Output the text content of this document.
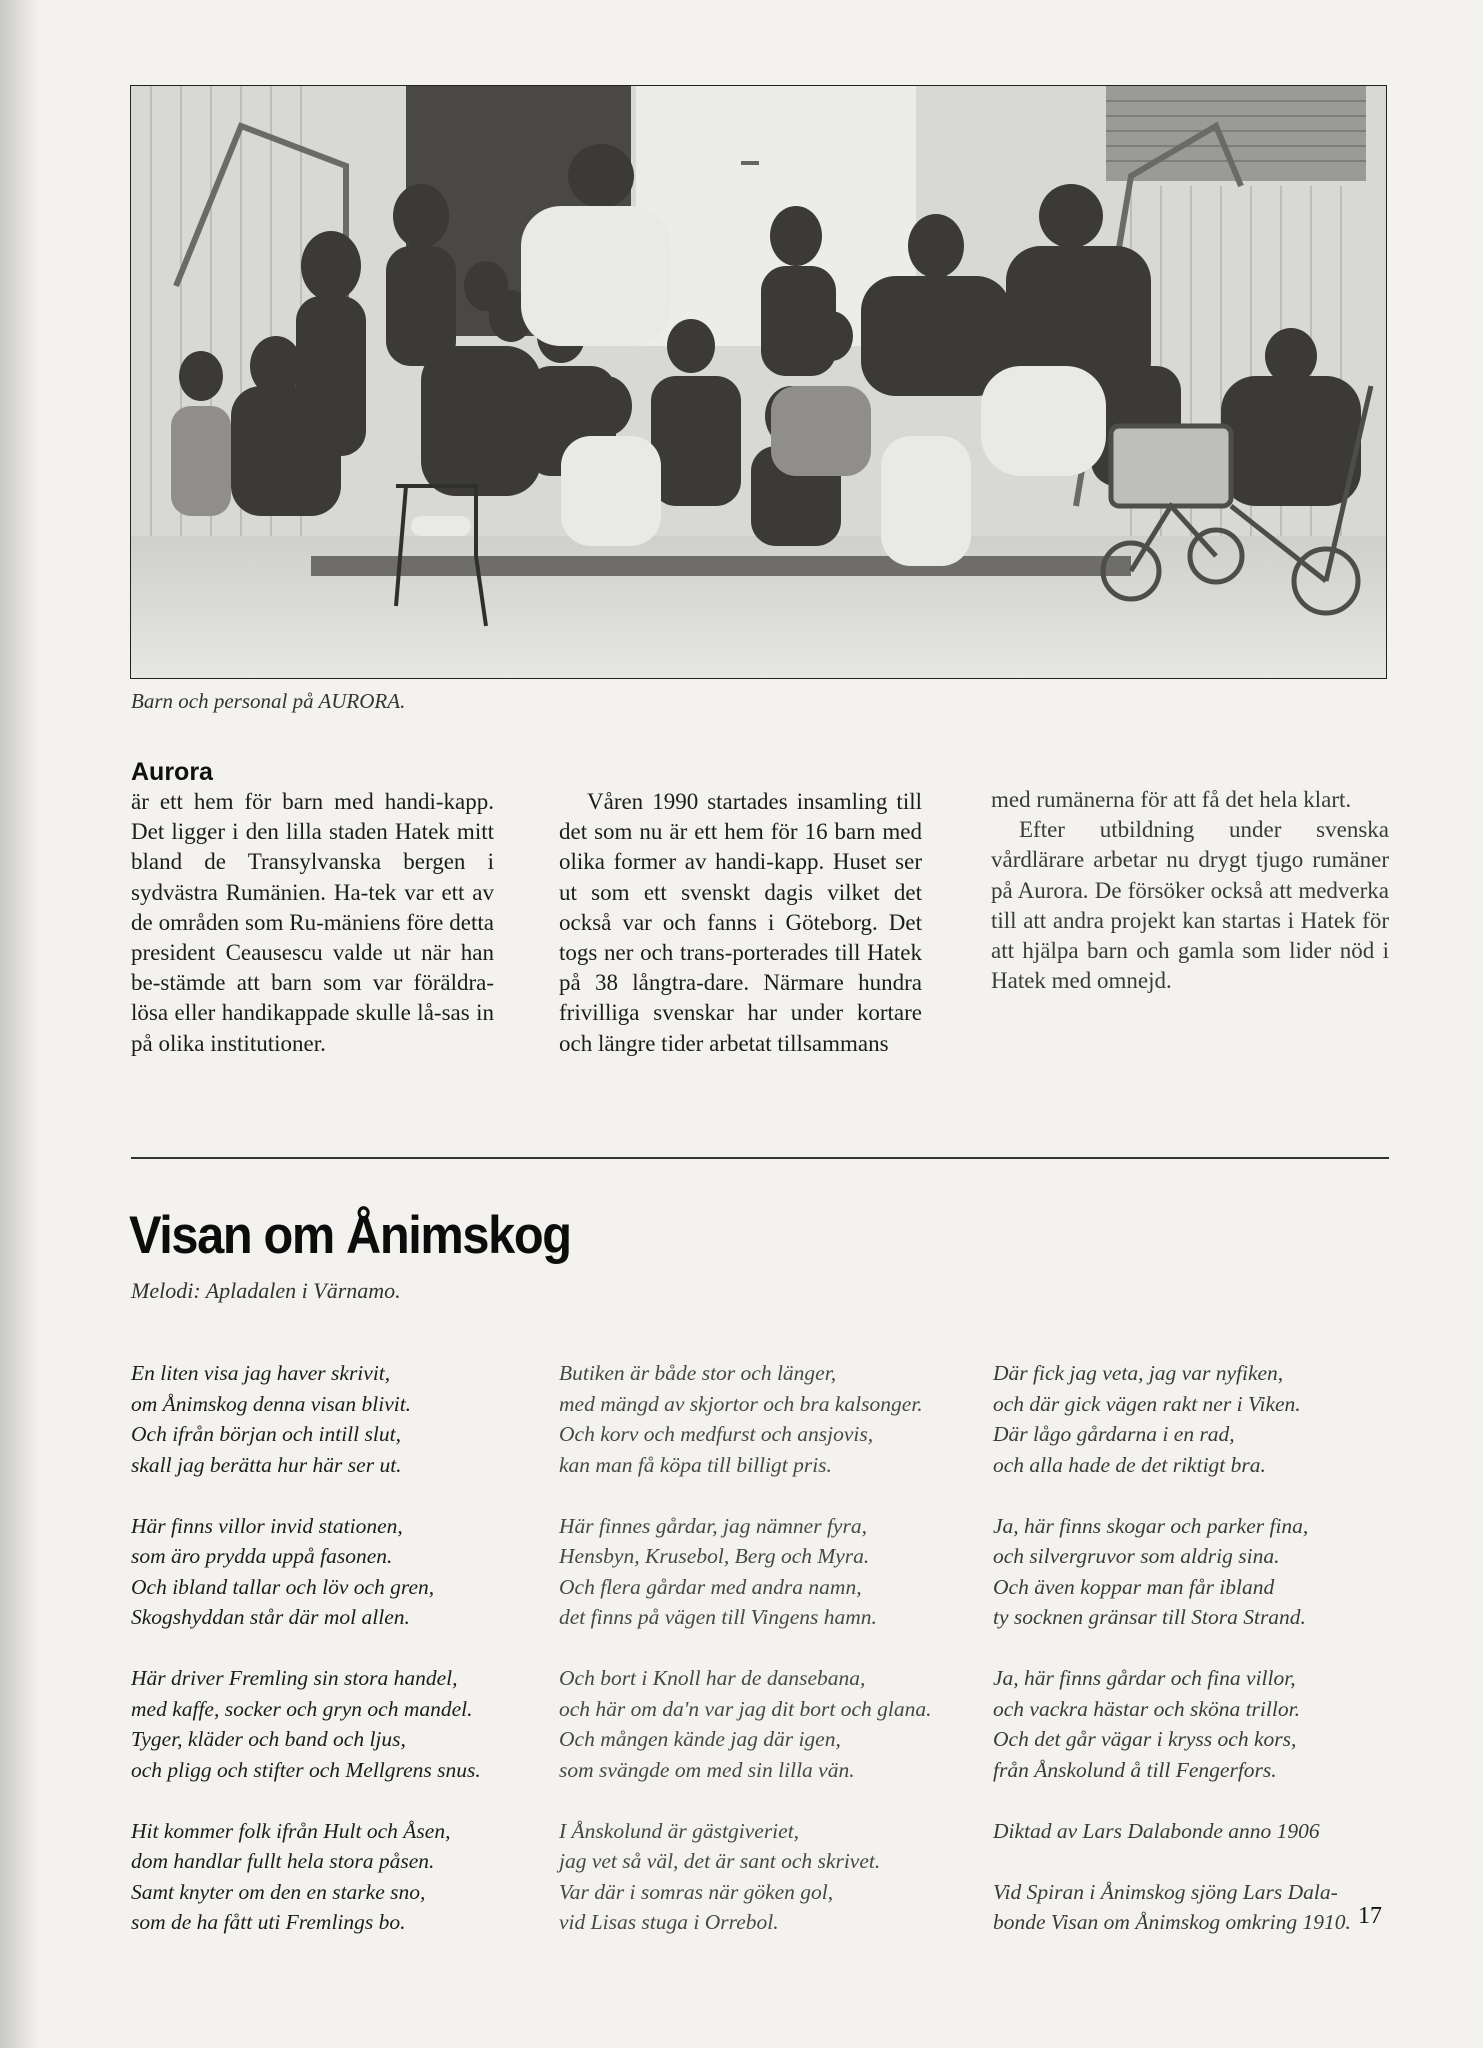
Barn och personal på AURORA.
Aurora

är ett hem för barn med handi-kapp. Det ligger i den lilla staden Hatek mitt bland de Transylvanska bergen i sydvästra Rumänien. Ha-tek var ett av de områden som Ru-mäniens före detta president Ceausescu valde ut när han be-stämde att barn som var föräldra-lösa eller handikappade skulle lå-sas in på olika institutioner.

Våren 1990 startades insamling till det som nu är ett hem för 16 barn med olika former av handi-kapp. Huset ser ut som ett svenskt dagis vilket det också var och fanns i Göteborg. Det togs ner och trans-porterades till Hatek på 38 långtra-dare. Närmare hundra frivilliga svenskar har under kortare och längre tider arbetat tillsammans

med rumänerna för att få det hela klart.

Efter utbildning under svenska vårdlärare arbetar nu drygt tjugo rumäner på Aurora. De försöker också att medverka till att andra projekt kan startas i Hatek för att hjälpa barn och gamla som lider nöd i Hatek med omnejd.

Visan om Ånimskog
Melodi: Apladalen i Värnamo.
En liten visa jag haver skrivit,
om Ånimskog denna visan blivit.
Och ifrån början och intill slut,
skall jag berätta hur här ser ut.
Här finns villor invid stationen,
som äro prydda uppå fasonen.
Och ibland tallar och löv och gren,
Skogshyddan står där mol allen.
Här driver Fremling sin stora handel,
med kaffe, socker och gryn och mandel.
Tyger, kläder och band och ljus,
och pligg och stifter och Mellgrens snus.
Hit kommer folk ifrån Hult och Åsen,
dom handlar fullt hela stora påsen.
Samt knyter om den en starke sno,
som de ha fått uti Fremlings bo.
Butiken är både stor och länger,
med mängd av skjortor och bra kalsonger.
Och korv och medfurst och ansjovis,
kan man få köpa till billigt pris.
Här finnes gårdar, jag nämner fyra,
Hensbyn, Krusebol, Berg och Myra.
Och flera gårdar med andra namn,
det finns på vägen till Vingens hamn.
Och bort i Knoll har de dansebana,
och här om da'n var jag dit bort och glana.
Och mången kände jag där igen,
som svängde om med sin lilla vän.
I Ånskolund är gästgiveriet,
jag vet så väl, det är sant och skrivet.
Var där i somras när göken gol,
vid Lisas stuga i Orrebol.
Där fick jag veta, jag var nyfiken,
och där gick vägen rakt ner i Viken.
Där lågo gårdarna i en rad,
och alla hade de det riktigt bra.
Ja, här finns skogar och parker fina,
och silvergruvor som aldrig sina.
Och även koppar man får ibland
ty socknen gränsar till Stora Strand.
Ja, här finns gårdar och fina villor,
och vackra hästar och sköna trillor.
Och det går vägar i kryss och kors,
från Ånskolund å till Fengerfors.
Diktad av Lars Dalabonde anno 1906
Vid Spiran i Ånimskog sjöng Lars Dala-bonde Visan om Ånimskog omkring 1910. 17
